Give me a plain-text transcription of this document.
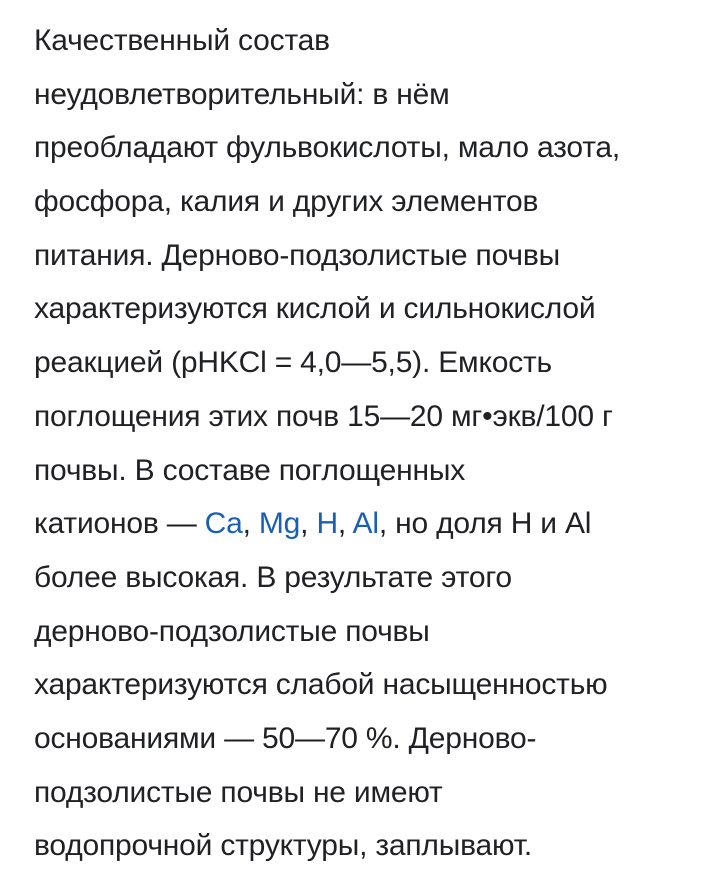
Качественный состав
неудовлетворительный: в нём
преобладают фульвокислоты, мало азота,
фосфора, калия и других элементов
питания. Дерново-подзолистые почвы
характеризуются кислой и сильнокислой
реакцией (рНKCl = 4,0—5,5). Емкость
поглощения этих почв 15—20 мг•экв/100 г
почвы. В составе поглощенных
катионов — Ca, Mg, H, Al, но доля H и Al
более высокая. В результате этого
дерново-подзолистые почвы
характеризуются слабой насыщенностью
основаниями — 50—70 %. Дерново-
подзолистые почвы не имеют
водопрочной структуры, заплывают.
